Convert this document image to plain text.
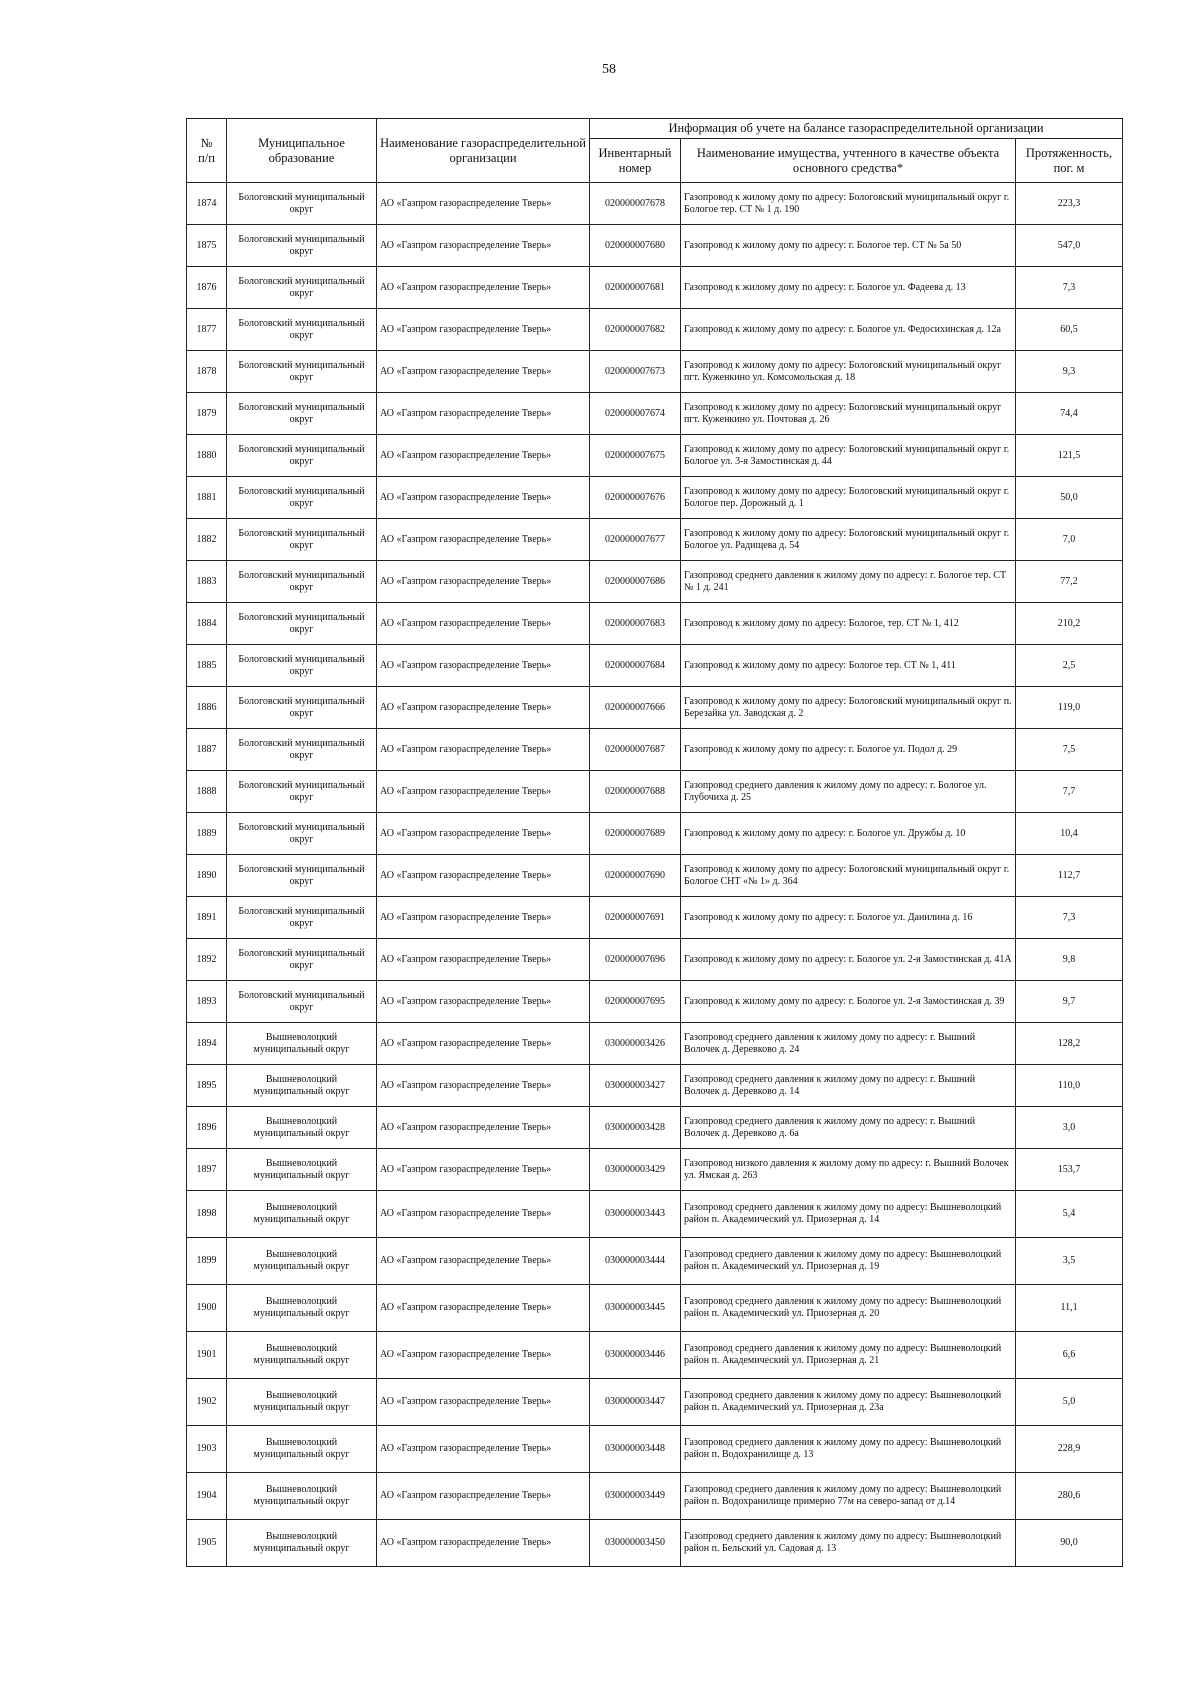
58
№
п/п	Муниципальное образование	Наименование газораспределительной организации	Информация об учете на балансе газораспределительной организации		
			Инвентарный номер	Наименование имущества, учтенного в качестве объекта основного средства*	Протяженность, пог. м
1874	Бологовский муниципальный округ	АО «Газпром газораспределение Тверь»	020000007678	Газопровод к жилому дому по адресу: Бологовский муниципальный округ г. Бологое тер. СТ № 1 д. 190	223,3
1875	Бологовский муниципальный округ	АО «Газпром газораспределение Тверь»	020000007680	Газопровод к жилому дому по адресу: г. Бологое тер. СТ № 5а 50	547,0
1876	Бологовский муниципальный округ	АО «Газпром газораспределение Тверь»	020000007681	Газопровод к жилому дому по адресу: г. Бологое ул. Фадеева д. 13	7,3
1877	Бологовский муниципальный округ	АО «Газпром газораспределение Тверь»	020000007682	Газопровод к жилому дому по адресу: г. Бологое ул. Федосихинская д. 12а	60,5
1878	Бологовский муниципальный округ	АО «Газпром газораспределение Тверь»	020000007673	Газопровод к жилому дому по адресу: Бологовский муниципальный округ пгт. Куженкино ул. Комсомольская д. 18	9,3
1879	Бологовский муниципальный округ	АО «Газпром газораспределение Тверь»	020000007674	Газопровод к жилому дому по адресу: Бологовский муниципальный округ пгт. Куженкино ул. Почтовая д. 26	74,4
1880	Бологовский муниципальный округ	АО «Газпром газораспределение Тверь»	020000007675	Газопровод к жилому дому по адресу: Бологовский муниципальный округ г. Бологое ул. 3-я Замостинская д. 44	121,5
1881	Бологовский муниципальный округ	АО «Газпром газораспределение Тверь»	020000007676	Газопровод к жилому дому по адресу: Бологовский муниципальный округ г. Бологое пер. Дорожный д. 1	50,0
1882	Бологовский муниципальный округ	АО «Газпром газораспределение Тверь»	020000007677	Газопровод к жилому дому по адресу: Бологовский муниципальный округ г. Бологое ул. Радищева д. 54	7,0
1883	Бологовский муниципальный округ	АО «Газпром газораспределение Тверь»	020000007686	Газопровод среднего давления к жилому дому по адресу: г. Бологое тер. СТ № 1 д. 241	77,2
1884	Бологовский муниципальный округ	АО «Газпром газораспределение Тверь»	020000007683	Газопровод к жилому дому по адресу: Бологое, тер. СТ № 1, 412	210,2
1885	Бологовский муниципальный округ	АО «Газпром газораспределение Тверь»	020000007684	Газопровод к жилому дому по адресу: Бологое тер. СТ № 1, 411	2,5
1886	Бологовский муниципальный округ	АО «Газпром газораспределение Тверь»	020000007666	Газопровод к жилому дому по адресу: Бологовский муниципальный округ п. Березайка ул. Заводская д. 2	119,0
1887	Бологовский муниципальный округ	АО «Газпром газораспределение Тверь»	020000007687	Газопровод к жилому дому по адресу: г. Бологое ул. Подол д. 29	7,5
1888	Бологовский муниципальный округ	АО «Газпром газораспределение Тверь»	020000007688	Газопровод среднего давления к жилому дому по адресу: г. Бологое ул. Глубочиха д. 25	7,7
1889	Бологовский муниципальный округ	АО «Газпром газораспределение Тверь»	020000007689	Газопровод к жилому дому по адресу: г. Бологое ул. Дружбы д. 10	10,4
1890	Бологовский муниципальный округ	АО «Газпром газораспределение Тверь»	020000007690	Газопровод к жилому дому по адресу: Бологовский муниципальный округ г. Бологое СНТ «№ 1» д. 364	112,7
1891	Бологовский муниципальный округ	АО «Газпром газораспределение Тверь»	020000007691	Газопровод к жилому дому по адресу: г. Бологое ул. Данилина д. 16	7,3
1892	Бологовский муниципальный округ	АО «Газпром газораспределение Тверь»	020000007696	Газопровод к жилому дому по адресу: г. Бологое ул. 2-я Замостинская д. 41А	9,8
1893	Бологовский муниципальный округ	АО «Газпром газораспределение Тверь»	020000007695	Газопровод к жилому дому по адресу: г. Бологое ул. 2-я Замостинская д. 39	9,7
1894	Вышневолоцкий муниципальный округ	АО «Газпром газораспределение Тверь»	030000003426	Газопровод среднего давления к жилому дому по адресу: г. Вышний Волочек д. Деревково д. 24	128,2
1895	Вышневолоцкий муниципальный округ	АО «Газпром газораспределение Тверь»	030000003427	Газопровод среднего давления к жилому дому по адресу: г. Вышний Волочек д. Деревково д. 14	110,0
1896	Вышневолоцкий муниципальный округ	АО «Газпром газораспределение Тверь»	030000003428	Газопровод среднего давления к жилому дому по адресу: г. Вышний Волочек д. Деревково д. 6а	3,0
1897	Вышневолоцкий муниципальный округ	АО «Газпром газораспределение Тверь»	030000003429	Газопровод низкого давления к жилому дому по адресу: г. Вышний Волочек ул. Ямская д. 263	153,7
1898	Вышневолоцкий муниципальный округ	АО «Газпром газораспределение Тверь»	030000003443	Газопровод среднего давления к жилому дому по адресу: Вышневолоцкий район п. Академический ул. Приозерная д. 14	5,4
1899	Вышневолоцкий муниципальный округ	АО «Газпром газораспределение Тверь»	030000003444	Газопровод среднего давления к жилому дому по адресу: Вышневолоцкий район п. Академический ул. Приозерная д. 19	3,5
1900	Вышневолоцкий муниципальный округ	АО «Газпром газораспределение Тверь»	030000003445	Газопровод среднего давления к жилому дому по адресу: Вышневолоцкий район п. Академический ул. Приозерная д. 20	11,1
1901	Вышневолоцкий муниципальный округ	АО «Газпром газораспределение Тверь»	030000003446	Газопровод среднего давления к жилому дому по адресу: Вышневолоцкий район п. Академический ул. Приозерная д. 21	6,6
1902	Вышневолоцкий муниципальный округ	АО «Газпром газораспределение Тверь»	030000003447	Газопровод среднего давления к жилому дому по адресу: Вышневолоцкий район п. Академический ул. Приозерная д. 23а	5,0
1903	Вышневолоцкий муниципальный округ	АО «Газпром газораспределение Тверь»	030000003448	Газопровод среднего давления к жилому дому по адресу: Вышневолоцкий район п. Водохранилище д. 13	228,9
1904	Вышневолоцкий муниципальный округ	АО «Газпром газораспределение Тверь»	030000003449	Газопровод среднего давления к жилому дому по адресу: Вышневолоцкий район п. Водохранилище примерно 77м на северо-запад от д.14	280,6
1905	Вышневолоцкий муниципальный округ	АО «Газпром газораспределение Тверь»	030000003450	Газопровод среднего давления к жилому дому по адресу: Вышневолоцкий район п. Бельский ул. Садовая д. 13	90,0
